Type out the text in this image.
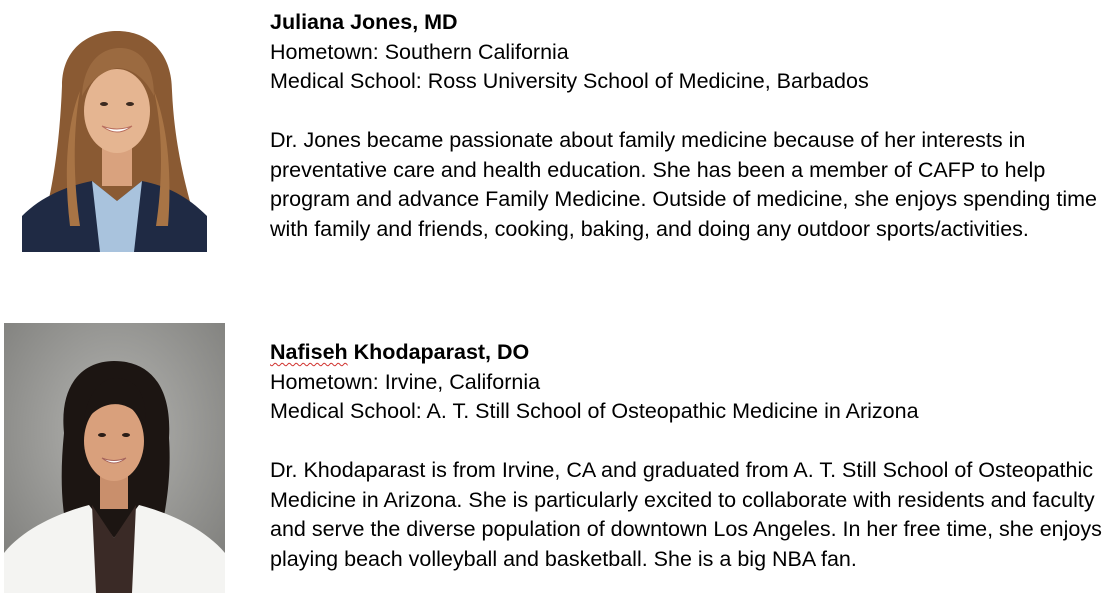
Juliana Jones, MD

Hometown: Southern California

Medical School: Ross University School of Medicine, Barbados

Dr. Jones became passionate about family medicine because of her interests in preventative care and health education. She has been a member of CAFP to help program and advance Family Medicine. Outside of medicine, she enjoys spending time with family and friends, cooking, baking, and doing any outdoor sports/activities.

Nafiseh Khodaparast, DO

Hometown: Irvine, California

Medical School: A. T. Still School of Osteopathic Medicine in Arizona

Dr. Khodaparast is from Irvine, CA and graduated from A. T. Still School of Osteopathic Medicine in Arizona. She is particularly excited to collaborate with residents and faculty and serve the diverse population of downtown Los Angeles. In her free time, she enjoys playing beach volleyball and basketball. She is a big NBA fan.
